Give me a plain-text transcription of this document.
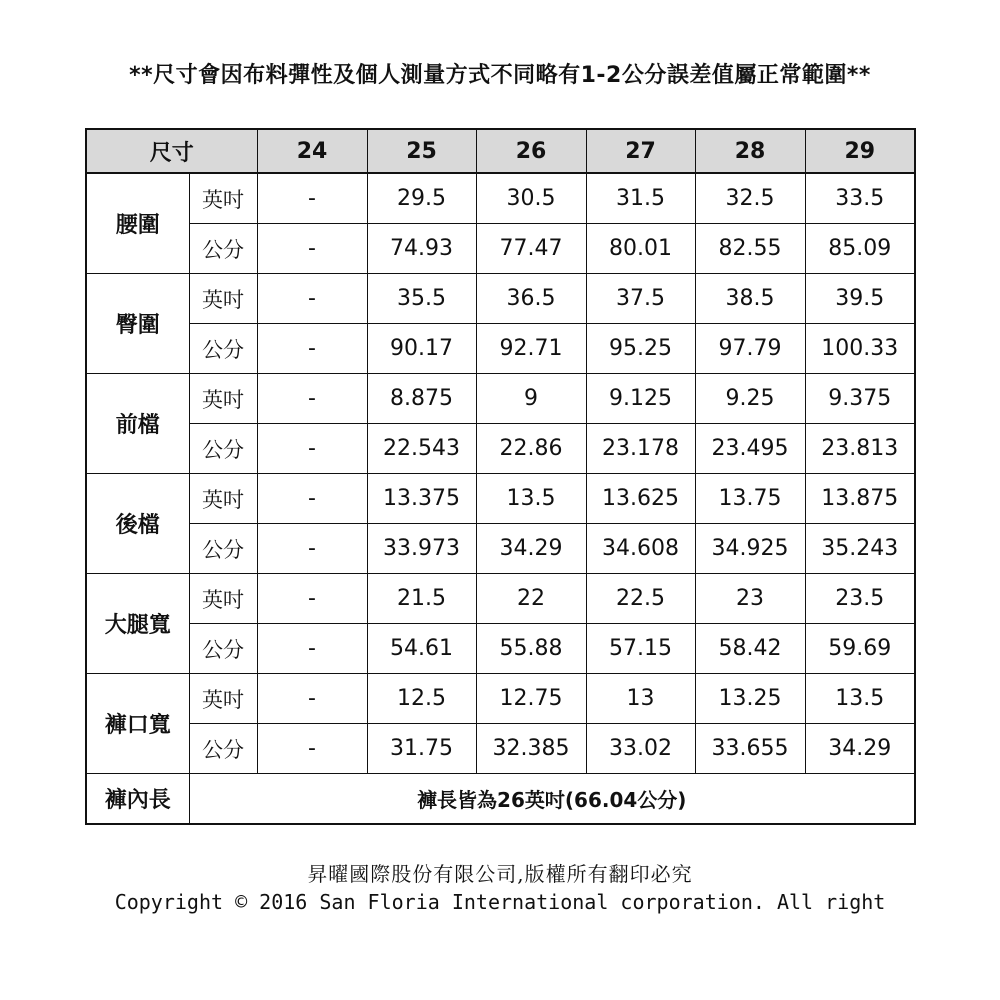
**尺寸會因布料彈性及個人測量方式不同略有1-2公分誤差值屬正常範圍**
尺寸		24	25	26	27	28	29
腰圍	英吋	-	29.5	30.5	31.5	32.5	33.5
	公分	-	74.93	77.47	80.01	82.55	85.09
臀圍	英吋	-	35.5	36.5	37.5	38.5	39.5
	公分	-	90.17	92.71	95.25	97.79	100.33
前檔	英吋	-	8.875	9	9.125	9.25	9.375
	公分	-	22.543	22.86	23.178	23.495	23.813
後檔	英吋	-	13.375	13.5	13.625	13.75	13.875
	公分	-	33.973	34.29	34.608	34.925	35.243
大腿寬	英吋	-	21.5	22	22.5	23	23.5
	公分	-	54.61	55.88	57.15	58.42	59.69
褲口寬	英吋	-	12.5	12.75	13	13.25	13.5
	公分	-	31.75	32.385	33.02	33.655	34.29
褲內長	褲長皆為26英吋(66.04公分)						
昇曜國際股份有限公司,版權所有翻印必究
Copyright © 2016 San Floria International corporation. All right
